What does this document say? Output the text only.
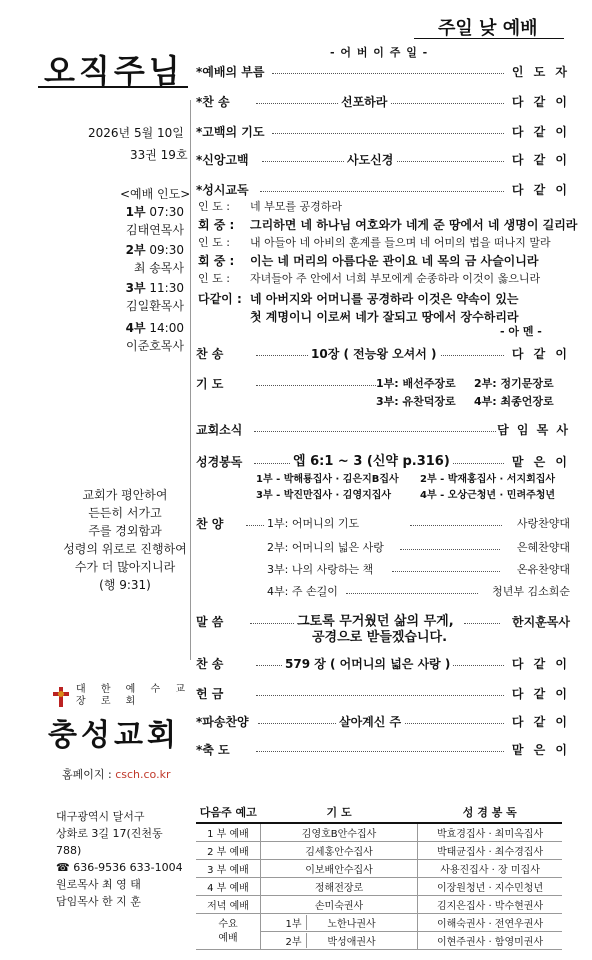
오직주님
2026년 5월 10일
33권 19호
<예배 인도>
1부 07:30
김태연목사
2부 09:30
최 송목사
3부 11:30
김일환목사
4부 14:00
이준호목사
교회가 평안하여
든든히 서가고
주를 경외함과
성령의 위로로 진행하여
수가 더 많아지니라
(행 9:31)
대 한 예 수 교
장 로 회
충성교회
홈페이지 : csch.co.kr
대구광역시 달서구
상화로 3길 17(진천동 788)
☎ 636-9536 633-1004
원로목사 최 영 태
담임목사 한 지 훈
주일 낮 예배
- 어 버 이 주 일 -
*예배의 부름	인 도 자
*찬 송	선포하라	다 같 이
*고백의 기도	다 같 이
*신앙고백	사도신경	다 같 이
*성시교독	다 같 이
인 도 : 네 부모를 공경하라
회 중 : 그리하면 네 하나님 여호와가 네게 준 땅에서 네 생명이 길리라
인 도 : 내 아들아 네 아비의 훈계를 들으며 네 어미의 법을 떠나지 말라
회 중 : 이는 네 머리의 아름다운 관이요 네 목의 금 사슬이니라
인 도 : 자녀들아 주 안에서 너희 부모에게 순종하라 이것이 옳으니라
다같이 : 네 아버지와 어머니를 공경하라 이것은 약속이 있는
첫 계명이니 이로써 네가 잘되고 땅에서 장수하리라
- 아 멘 -
찬 송	10장 ( 전능왕 오셔서 )	다 같 이
기 도	1부: 배선주장로 2부: 정기문장로
3부: 유찬덕장로 4부: 최종언장로
교회소식	담 임 목 사
성경봉독	엡 6:1 ~ 3 (신약 p.316)	맡 은 이
1부 - 박해룡집사 · 김은지B집사 2부 - 박재홍집사 · 서지회집사
3부 - 박진만집사 · 김영지집사	4부 - 오상근청년 · 민려주청년
찬 양	1부: 어머니의 기도	사랑찬양대
2부: 어머니의 넓은 사랑	은혜찬양대
3부: 나의 사랑하는 책	온유찬양대
4부: 주 손길이	청년부 김소희순
말 씀	그토록 무거웠던 삶의 무게,	한지훈목사
공경으로 받들겠습니다.
찬 송	579 장 ( 어머니의 넓은 사랑 )	다 같 이
헌 금	다 같 이
*파송찬양	살아계신 주	다 같 이
*축 도	맡 은 이
다음주 예고	기 도	성 경 봉 독
1 부 예배	김영호B안수집사	박효경집사 · 최미옥집사
2 부 예배	김세홍안수집사	박태균집사 · 최수경집사
3 부 예배	이보배안수집사	사용진집사 · 장 미집사
4 부 예배	정해전장로	이장원청년 · 지수민청년
저녁 예배	손미숙권사	김지은집사 · 박수현권사
수요
예배	1부 노한나권사	이해숙권사 · 전연우권사
	2부 박성애권사	이현주권사 · 함영미권사
